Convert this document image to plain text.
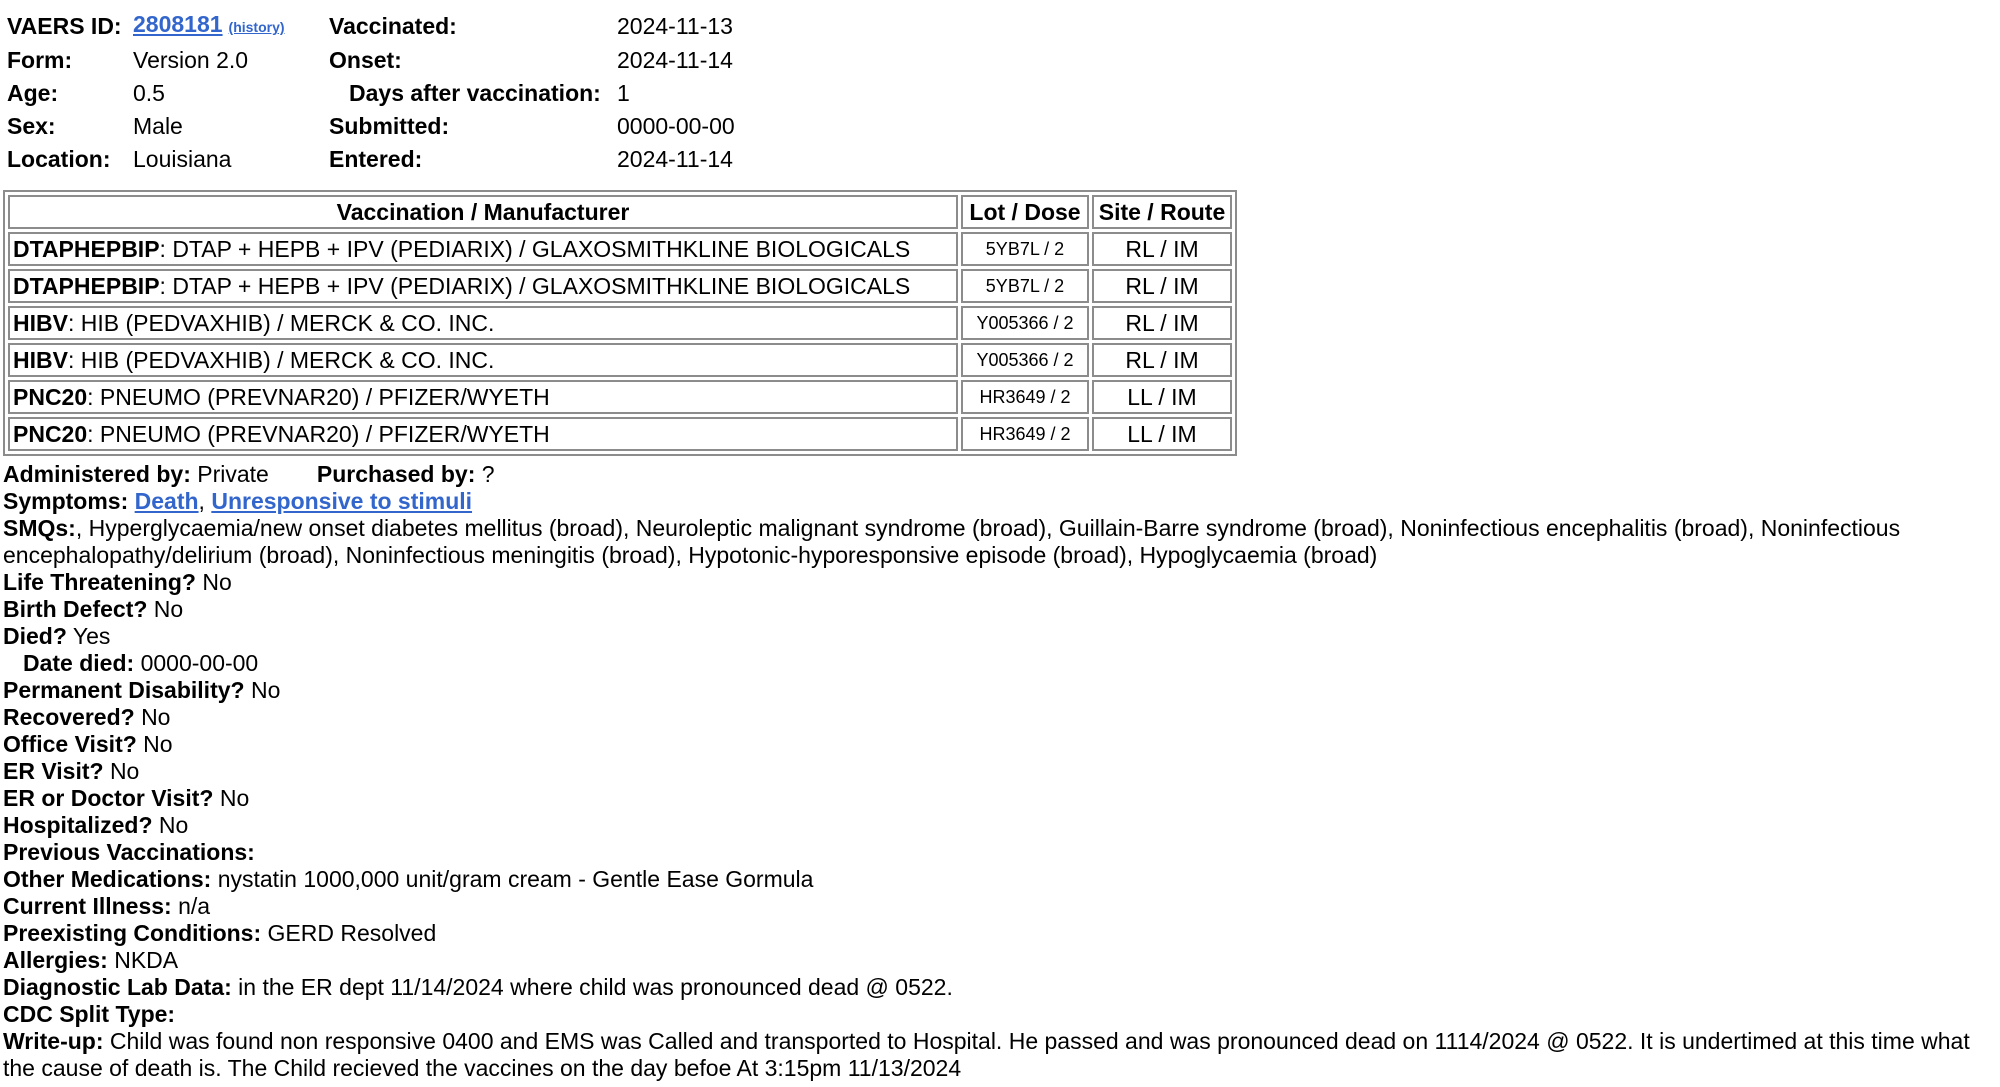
VAERS ID:	2808181 (history)	Vaccinated:	2024-11-13
Form:	Version 2.0	Onset:	2024-11-14
Age:	0.5	Days after vaccination:	1
Sex:	Male	Submitted:	0000-00-00
Location:	Louisiana	Entered:	2024-11-14
Vaccination / Manufacturer	Lot / Dose	Site / Route
DTAPHEPBIP: DTAP + HEPB + IPV (PEDIARIX) / GLAXOSMITHKLINE BIOLOGICALS	5YB7L / 2	RL / IM
DTAPHEPBIP: DTAP + HEPB + IPV (PEDIARIX) / GLAXOSMITHKLINE BIOLOGICALS	5YB7L / 2	RL / IM
HIBV: HIB (PEDVAXHIB) / MERCK & CO. INC.	Y005366 / 2	RL / IM
HIBV: HIB (PEDVAXHIB) / MERCK & CO. INC.	Y005366 / 2	RL / IM
PNC20: PNEUMO (PREVNAR20) / PFIZER/WYETH	HR3649 / 2	LL / IM
PNC20: PNEUMO (PREVNAR20) / PFIZER/WYETH	HR3649 / 2	LL / IM
Administered by: Private Purchased by: ?
Symptoms: Death, Unresponsive to stimuli
SMQs:, Hyperglycaemia/new onset diabetes mellitus (broad), Neuroleptic malignant syndrome (broad), Guillain-Barre syndrome (broad), Noninfectious encephalitis (broad), Noninfectious encephalopathy/delirium (broad), Noninfectious meningitis (broad), Hypotonic-hyporesponsive episode (broad), Hypoglycaemia (broad)
Life Threatening? No
Birth Defect? No
Died? Yes
Date died: 0000-00-00
Permanent Disability? No
Recovered? No
Office Visit? No
ER Visit? No
ER or Doctor Visit? No
Hospitalized? No
Previous Vaccinations:
Other Medications: nystatin 1000,000 unit/gram cream - Gentle Ease Gormula
Current Illness: n/a
Preexisting Conditions: GERD Resolved
Allergies: NKDA
Diagnostic Lab Data: in the ER dept 11/14/2024 where child was pronounced dead @ 0522.
CDC Split Type:
Write-up: Child was found non responsive 0400 and EMS was Called and transported to Hospital. He passed and was pronounced dead on 1114/2024 @ 0522. It is undertimed at this time what the cause of death is. The Child recieved the vaccines on the day befoe At 3:15pm 11/13/2024
